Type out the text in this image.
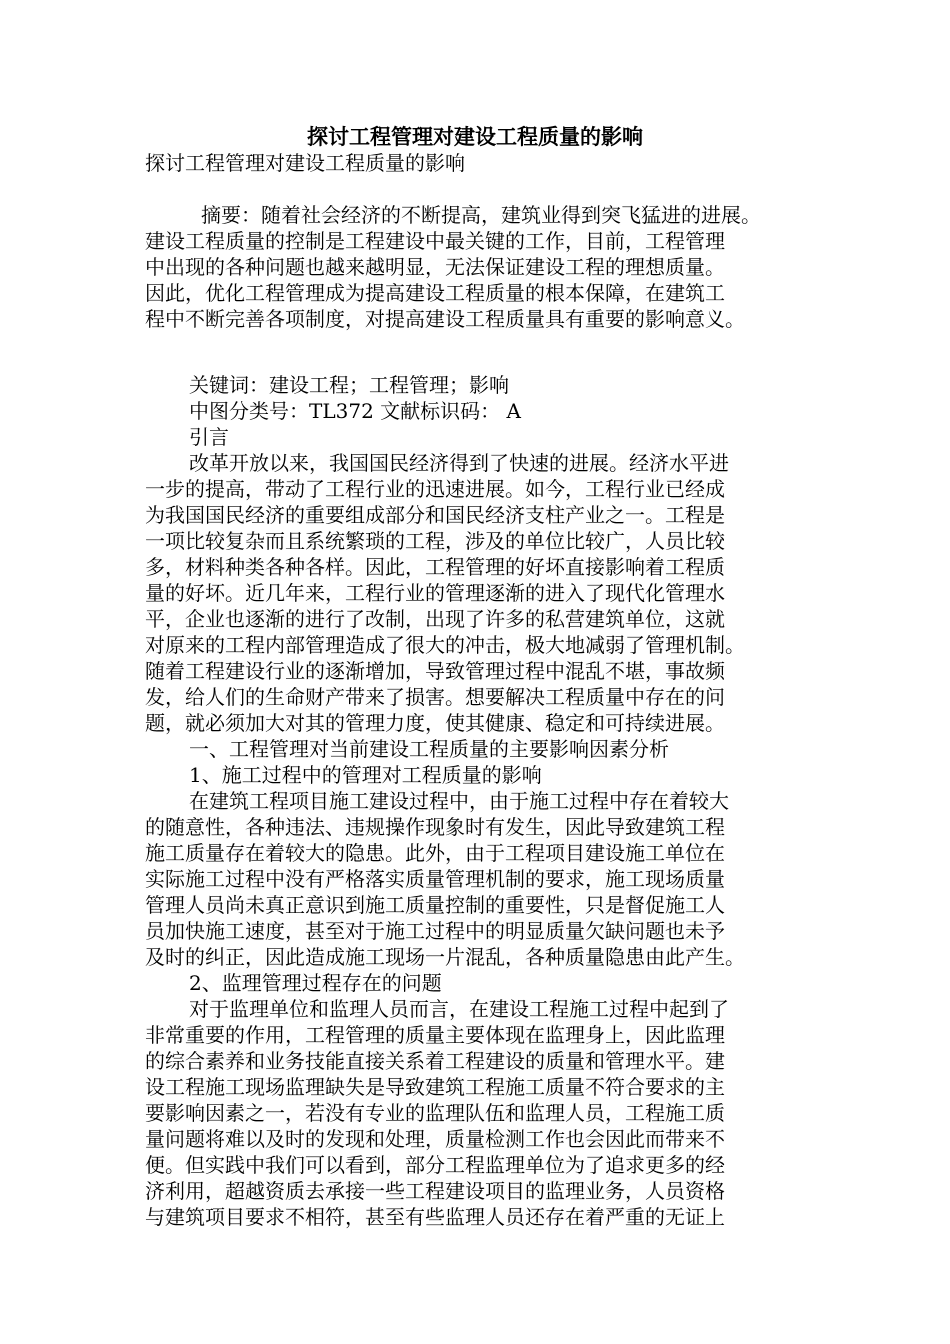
探讨工程管理对建设工程质量的影响
探讨工程管理对建设工程质量的影响
摘要：随着社会经济的不断提高，建筑业得到突飞猛进的进展。
建设工程质量的控制是工程建设中最关键的工作，目前，工程管理
中出现的各种问题也越来越明显，无法保证建设工程的理想质量。
因此，优化工程管理成为提高建设工程质量的根本保障，在建筑工
程中不断完善各项制度，对提高建设工程质量具有重要的影响意义。
关键词：建设工程；工程管理；影响
中图分类号：TL372 文献标识码： A
引言
改革开放以来，我国国民经济得到了快速的进展。经济水平进
一步的提高，带动了工程行业的迅速进展。如今，工程行业已经成
为我国国民经济的重要组成部分和国民经济支柱产业之一。工程是
一项比较复杂而且系统繁琐的工程，涉及的单位比较广，人员比较
多，材料种类各种各样。因此，工程管理的好坏直接影响着工程质
量的好坏。近几年来，工程行业的管理逐渐的进入了现代化管理水
平，企业也逐渐的进行了改制，出现了许多的私营建筑单位，这就
对原来的工程内部管理造成了很大的冲击，极大地减弱了管理机制。
随着工程建设行业的逐渐增加，导致管理过程中混乱不堪，事故频
发，给人们的生命财产带来了损害。想要解决工程质量中存在的问
题，就必须加大对其的管理力度，使其健康、稳定和可持续进展。
一、工程管理对当前建设工程质量的主要影响因素分析
1、施工过程中的管理对工程质量的影响
在建筑工程项目施工建设过程中，由于施工过程中存在着较大
的随意性，各种违法、违规操作现象时有发生，因此导致建筑工程
施工质量存在着较大的隐患。此外，由于工程项目建设施工单位在
实际施工过程中没有严格落实质量管理机制的要求，施工现场质量
管理人员尚未真正意识到施工质量控制的重要性，只是督促施工人
员加快施工速度，甚至对于施工过程中的明显质量欠缺问题也未予
及时的纠正，因此造成施工现场一片混乱，各种质量隐患由此产生。
2、监理管理过程存在的问题
对于监理单位和监理人员而言，在建设工程施工过程中起到了
非常重要的作用，工程管理的质量主要体现在监理身上，因此监理
的综合素养和业务技能直接关系着工程建设的质量和管理水平。建
设工程施工现场监理缺失是导致建筑工程施工质量不符合要求的主
要影响因素之一，若没有专业的监理队伍和监理人员，工程施工质
量问题将难以及时的发现和处理，质量检测工作也会因此而带来不
便。但实践中我们可以看到，部分工程监理单位为了追求更多的经
济利用，超越资质去承接一些工程建设项目的监理业务，人员资格
与建筑项目要求不相符，甚至有些监理人员还存在着严重的无证上
